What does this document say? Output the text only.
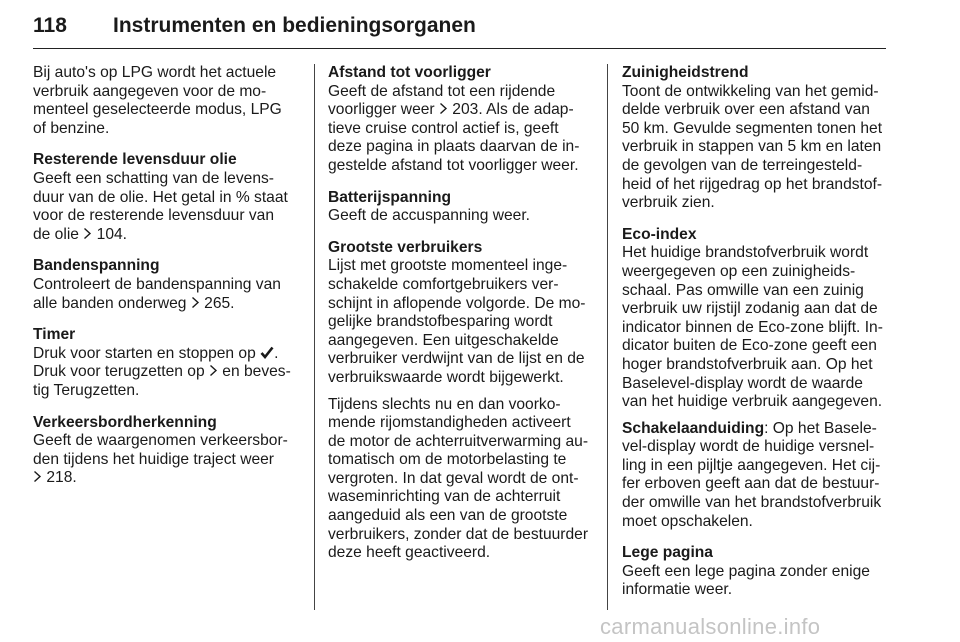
118 Instrumenten en bedieningsorganen
Bij auto's op LPG wordt het actuele
verbruik aangegeven voor de mo-
menteel geselecteerde modus, LPG
of benzine.
Resterende levensduur olie
Geeft een schatting van de levens-
duur van de olie. Het getal in % staat
voor de resterende levensduur van
de olie  104.
Bandenspanning
Controleert de bandenspanning van
alle banden onderweg  265.
Timer
Druk voor starten en stoppen op .
Druk voor terugzetten op  en beves-
tig Terugzetten.
Verkeersbordherkenning
Geeft de waargenomen verkeersbor-
den tijdens het huidige traject weer
218.
Afstand tot voorligger
Geeft de afstand tot een rijdende
voorligger weer  203. Als de adap-
tieve cruise control actief is, geeft
deze pagina in plaats daarvan de in-
gestelde afstand tot voorligger weer.
Batterijspanning
Geeft de accuspanning weer.
Grootste verbruikers
Lijst met grootste momenteel inge-
schakelde comfortgebruikers ver-
schijnt in aflopende volgorde. De mo-
gelijke brandstofbesparing wordt
aangegeven. Een uitgeschakelde
verbruiker verdwijnt van de lijst en de
verbruikswaarde wordt bijgewerkt.
Tijdens slechts nu en dan voorko-
mende rijomstandigheden activeert
de motor de achterruitverwarming au-
tomatisch om de motorbelasting te
vergroten. In dat geval wordt de ont-
waseminrichting van de achterruit
aangeduid als een van de grootste
verbruikers, zonder dat de bestuurder
deze heeft geactiveerd.
Zuinigheidstrend
Toont de ontwikkeling van het gemid-
delde verbruik over een afstand van
50 km. Gevulde segmenten tonen het
verbruik in stappen van 5 km en laten
de gevolgen van de terreingesteld-
heid of het rijgedrag op het brandstof-
verbruik zien.
Eco-index
Het huidige brandstofverbruik wordt
weergegeven op een zuinigheids-
schaal. Pas omwille van een zuinig
verbruik uw rijstijl zodanig aan dat de
indicator binnen de Eco-zone blijft. In-
dicator buiten de Eco-zone geeft een
hoger brandstofverbruik aan. Op het
Baselevel-display wordt de waarde
van het huidige verbruik aangegeven.
Schakelaanduiding: Op het Basele-
vel-display wordt de huidige versnel-
ling in een pijltje aangegeven. Het cij-
fer erboven geeft aan dat de bestuur-
der omwille van het brandstofverbruik
moet opschakelen.
Lege pagina
Geeft een lege pagina zonder enige
informatie weer.
carmanualsonline.info
